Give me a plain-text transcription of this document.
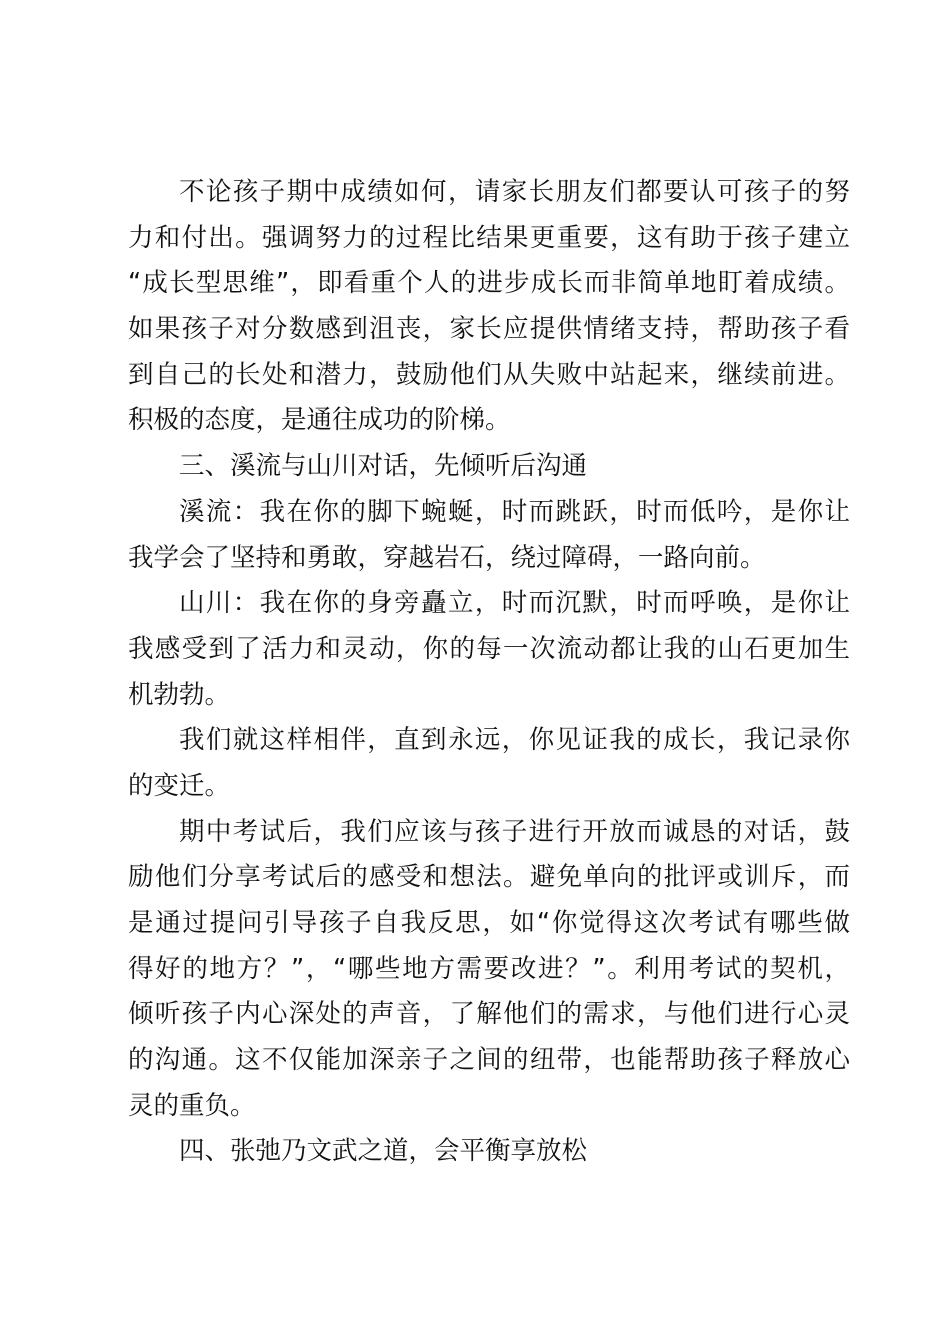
不论孩子期中成绩如何，请家长朋友们都要认可孩子的努
力和付出。强调努力的过程比结果更重要，这有助于孩子建立
“成长型思维”，即看重个人的进步成长而非简单地盯着成绩。
如果孩子对分数感到沮丧，家长应提供情绪支持，帮助孩子看
到自己的长处和潜力，鼓励他们从失败中站起来，继续前进。
积极的态度，是通往成功的阶梯。
三、溪流与山川对话，先倾听后沟通
溪流：我在你的脚下蜿蜒，时而跳跃，时而低吟，是你让
我学会了坚持和勇敢，穿越岩石，绕过障碍，一路向前。
山川：我在你的身旁矗立，时而沉默，时而呼唤，是你让
我感受到了活力和灵动，你的每一次流动都让我的山石更加生
机勃勃。
我们就这样相伴，直到永远，你见证我的成长，我记录你
的变迁。
期中考试后，我们应该与孩子进行开放而诚恳的对话，鼓
励他们分享考试后的感受和想法。避免单向的批评或训斥，而
是通过提问引导孩子自我反思，如“你觉得这次考试有哪些做
得好的地方？”，“哪些地方需要改进？”。利用考试的契机，
倾听孩子内心深处的声音，了解他们的需求，与他们进行心灵
的沟通。这不仅能加深亲子之间的纽带，也能帮助孩子释放心
灵的重负。
四、张弛乃文武之道，会平衡享放松
